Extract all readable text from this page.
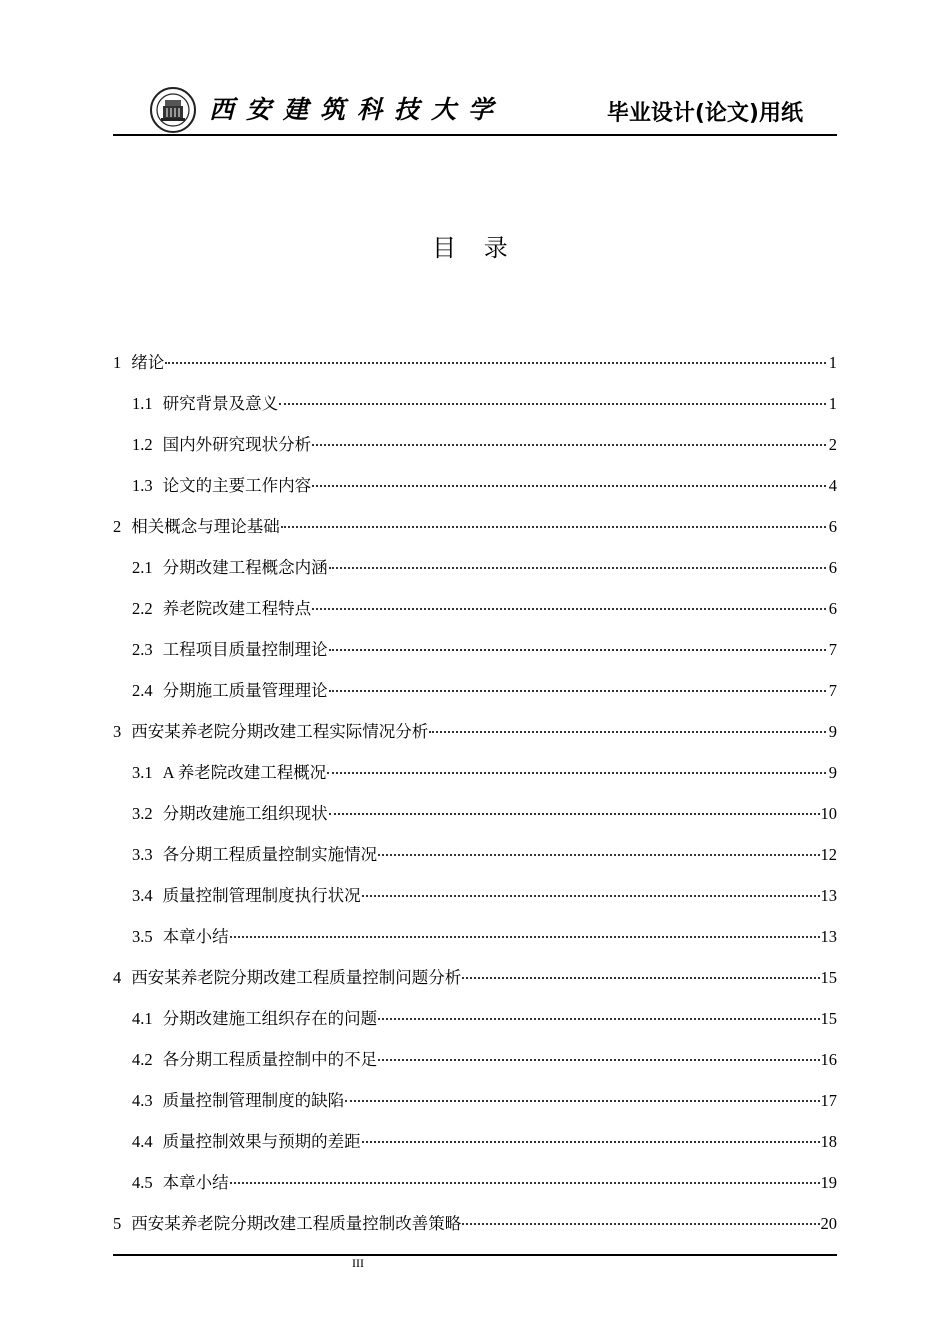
西安建筑科技大学	毕业设计(论文)用纸
目 录
1 绪论	1
1.1 研究背景及意义	1
1.2 国内外研究现状分析	2
1.3 论文的主要工作内容	4
2 相关概念与理论基础	6
2.1 分期改建工程概念内涵	6
2.2 养老院改建工程特点	6
2.3 工程项目质量控制理论	7
2.4 分期施工质量管理理论	7
3 西安某养老院分期改建工程实际情况分析	9
3.1 A 养老院改建工程概况	9
3.2 分期改建施工组织现状	10
3.3 各分期工程质量控制实施情况	12
3.4 质量控制管理制度执行状况	13
3.5 本章小结	13
4 西安某养老院分期改建工程质量控制问题分析	15
4.1 分期改建施工组织存在的问题	15
4.2 各分期工程质量控制中的不足	16
4.3 质量控制管理制度的缺陷	17
4.4 质量控制效果与预期的差距	18
4.5 本章小结	19
5 西安某养老院分期改建工程质量控制改善策略	20
III
